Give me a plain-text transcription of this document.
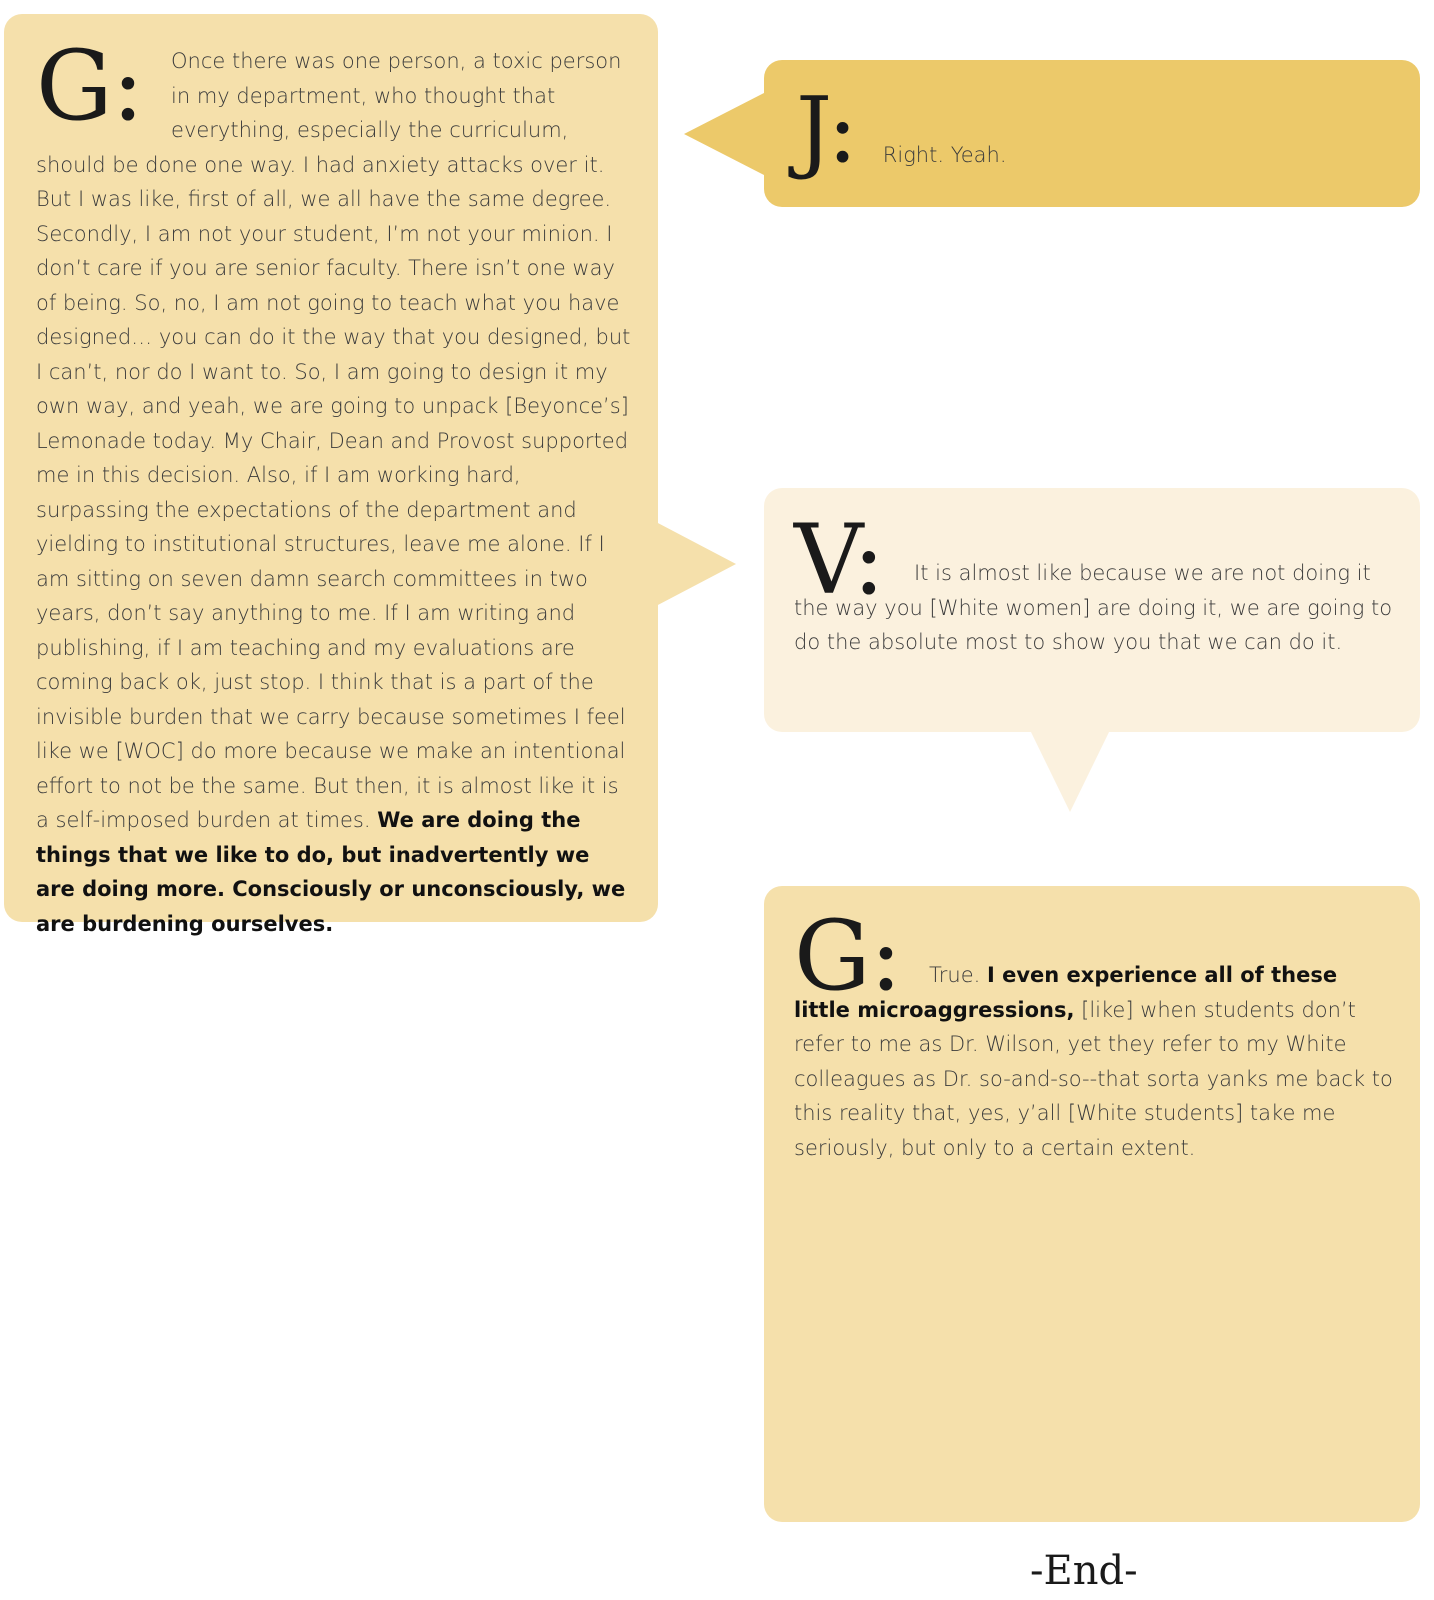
G:	Once there was one person, a toxic person in my department, who thought that everything, especially the curriculum, should be done one way. I had anxiety attacks over it. But I was like, first of all, we all have the same degree. Secondly, I am not your student, I’m not your minion. I don’t care if you are senior faculty. There isn’t one way of being. So, no, I am not going to teach what you have designed… you can do it the way that you designed, but I can’t, nor do I want to. So, I am going to design it my own way, and yeah, we are going to unpack [Beyonce’s] Lemonade today. My Chair, Dean and Provost supported me in this decision. Also, if I am working hard, surpassing the expectations of the department and yielding to institutional structures, leave me alone. If I am sitting on seven damn search committees in two years, don’t say anything to me. If I am writing and publishing, if I am teaching and my evaluations are coming back ok, just stop. I think that is a part of the invisible burden that we carry because sometimes I feel like we [WOC] do more because we make an intentional effort to not be the same. But then, it is almost like it is a self-imposed burden at times. We are doing the things that we like to do, but inadvertently we are doing more. Consciously or unconsciously, we are burdening ourselves.
J:	Right. Yeah.
V:	It is almost like because we are not doing it the way you [White women] are doing it, we are going to do the absolute most to show you that we can do it.
G:	True. I even experience all of these little microaggressions, [like] when students don’t refer to me as Dr. Wilson, yet they refer to my White colleagues as Dr. so-and-so--that sorta yanks me back to this reality that, yes, y’all [White students] take me seriously, but only to a certain extent.
-End-
